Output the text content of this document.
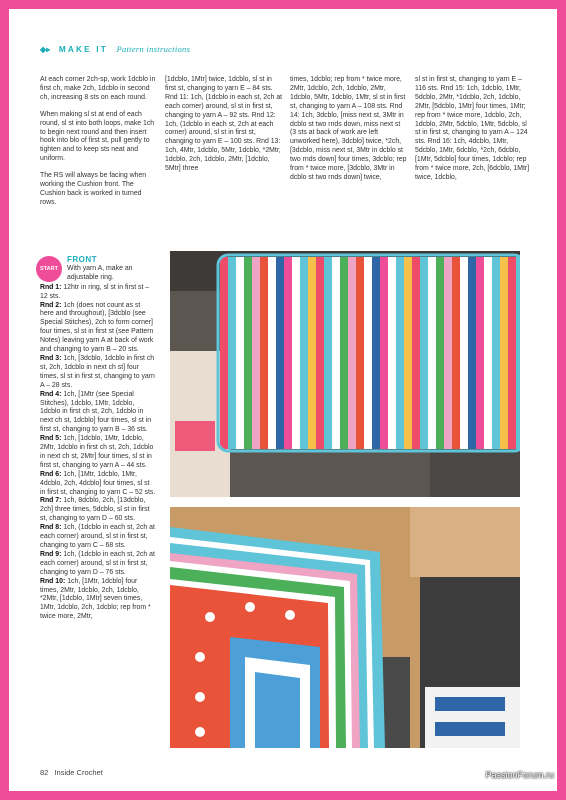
◆▸ MAKE IT Pattern instructions

At each corner 2ch-sp, work 1dcblo in first ch, make 2ch, 1dcblo in second ch, increasing 8 sts on each round.

When making sl st at end of each round, sl st into both loops, make 1ch to begin next round and then insert hook into blo of first st, pull gently to tighten and to keep sts neat and uniform.

The RS will always be facing when working the Cushion front. The Cushion back is worked in turned rows.

[1dcblo, 1Mtr] twice, 1dcblo, sl st in first st, changing to yarn E – 84 sts. Rnd 11: 1ch, (1dcblo in each st, 2ch at each corner) around, sl st in first st, changing to yarn A – 92 sts. Rnd 12: 1ch, (1dcblo in each st, 2ch at each corner) around, sl st in first st, changing to yarn E – 100 sts. Rnd 13: 1ch, 4Mtr, 1dcblo, 5Mtr, 1dcblo, *2Mtr, 1dcblo, 2ch, 1dcblo, 2Mtr, [1dcblo, 5Mtr] three

times, 1dcblo; rep from * twice more, 2Mtr, 1dcblo, 2ch, 1dcblo, 2Mtr, 1dcblo, 5Mtr, 1dcblo, 1Mtr, sl st in first st, changing to yarn A – 108 sts. Rnd 14: 1ch, 3dcblo, [miss next st, 3Mtr in dcblo st two rnds down, miss next st (3 sts at back of work are left unworked here), 3dcblo] twice, *2ch, [3dcblo, miss next st, 3Mtr in dcblo st two rnds down] four times, 3dcblo; rep from * twice more, [3dcblo, 3Mtr in dcblo st two rnds down] twice,

sl st in first st, changing to yarn E – 116 sts. Rnd 15: 1ch, 1dcblo, 1Mtr, 5dcblo, 2Mtr, *1dcblo, 2ch, 1dcblo, 2Mtr, [5dcblo, 1Mtr] four times, 1Mtr; rep from * twice more, 1dcblo, 2ch, 1dcblo, 2Mtr, 5dcblo, 1Mtr, 5dcblo, sl st in first st, changing to yarn A – 124 sts. Rnd 16: 1ch, 4dcblo, 1Mtr, 5dcblo, 1Mtr, 6dcblo, *2ch, 6dcblo, [1Mtr, 5dcblo] four times, 1dcblo; rep from * twice more, 2ch, [6dcblo, 1Mtr] twice, 1dcblo,

START
FRONT
With yarn A, make an adjustable ring.
Rnd 1: 12htr in ring, sl st in first st – 12 sts.
Rnd 2: 1ch (does not count as st here and throughout), [3dcblo (see Special Stitches), 2ch to form corner] four times, sl st in first st (see Pattern Notes) leaving yarn A at back of work and changing to yarn B – 20 sts.
Rnd 3: 1ch, [3dcblo, 1dcblo in first ch st, 2ch, 1dcblo in next ch st] four times, sl st in first st, changing to yarn A – 28 sts.
Rnd 4: 1ch, [1Mtr (see Special Stitches), 1dcblo, 1Mtr, 1dcblo, 1dcblo in first ch st, 2ch, 1dcblo in next ch st, 1dcblo] four times, sl st in first st, changing to yarn B – 36 sts.
Rnd 5: 1ch, [1dcblo, 1Mtr, 1dcblo, 2Mtr, 1dcblo in first ch st, 2ch, 1dcblo in next ch st, 2Mtr] four times, sl st in first st, changing to yarn A – 44 sts.
Rnd 6: 1ch, [1Mtr, 1dcblo, 1Mtr, 4dcblo, 2ch, 4dcblo] four times, sl st in first st, changing to yarn C – 52 sts.
Rnd 7: 1ch, 8dcblo, 2ch, [13dcblo, 2ch] three times, 5dcblo, sl st in first st, changing to yarn D – 60 sts.
Rnd 8: 1ch, (1dcblo in each st, 2ch at each corner) around, sl st in first st, changing to yarn C – 68 sts.
Rnd 9: 1ch, (1dcblo in each st, 2ch at each corner) around, sl st in first st, changing to yarn D – 76 sts.
Rnd 10: 1ch, [1Mtr, 1dcblo] four times, 2Mtr, 1dcblo, 2ch, 1dcblo, *2Mtr, [1dcblo, 1Mtr] seven times, 1Mtr, 1dcblo, 2ch, 1dcblo; rep from * twice more, 2Mtr,
82 Inside Crochet	PassionForum.ru
